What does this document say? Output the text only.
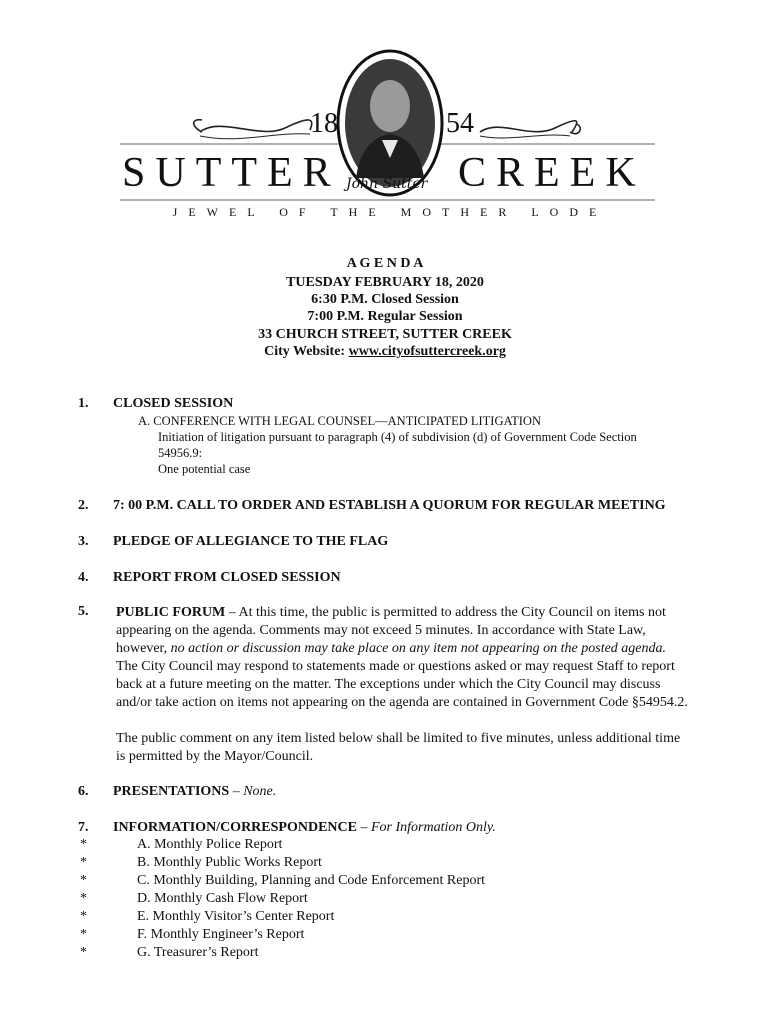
18	54
SUTTER	CREEK
John Sutter
JEWEL OF THE MOTHER LODE
A G E N D A
TUESDAY FEBRUARY 18, 2020
6:30 P.M. Closed Session
7:00 P.M. Regular Session
33 CHURCH STREET, SUTTER CREEK
City Website: www.cityofsuttercreek.org
1. CLOSED SESSION
A. CONFERENCE WITH LEGAL COUNSEL—ANTICIPATED LITIGATION
Initiation of litigation pursuant to paragraph (4) of subdivision (d) of Government Code Section
54956.9:
One potential case
2. 7: 00 P.M. CALL TO ORDER AND ESTABLISH A QUORUM FOR REGULAR MEETING
3. PLEDGE OF ALLEGIANCE TO THE FLAG
4. REPORT FROM CLOSED SESSION
5. PUBLIC FORUM – At this time, the public is permitted to address the City Council on items not
appearing on the agenda. Comments may not exceed 5 minutes. In accordance with State Law,
however, no action or discussion may take place on any item not appearing on the posted agenda.
The City Council may respond to statements made or questions asked or may request Staff to report
back at a future meeting on the matter. The exceptions under which the City Council may discuss
and/or take action on items not appearing on the agenda are contained in Government Code §54954.2.
The public comment on any item listed below shall be limited to five minutes, unless additional time
is permitted by the Mayor/Council.
6. PRESENTATIONS – None.
7. INFORMATION/CORRESPONDENCE – For Information Only.
*	A. Monthly Police Report
*	B. Monthly Public Works Report
*	C. Monthly Building, Planning and Code Enforcement Report
*	D. Monthly Cash Flow Report
*	E. Monthly Visitor’s Center Report
*	F. Monthly Engineer’s Report
*	G. Treasurer’s Report
